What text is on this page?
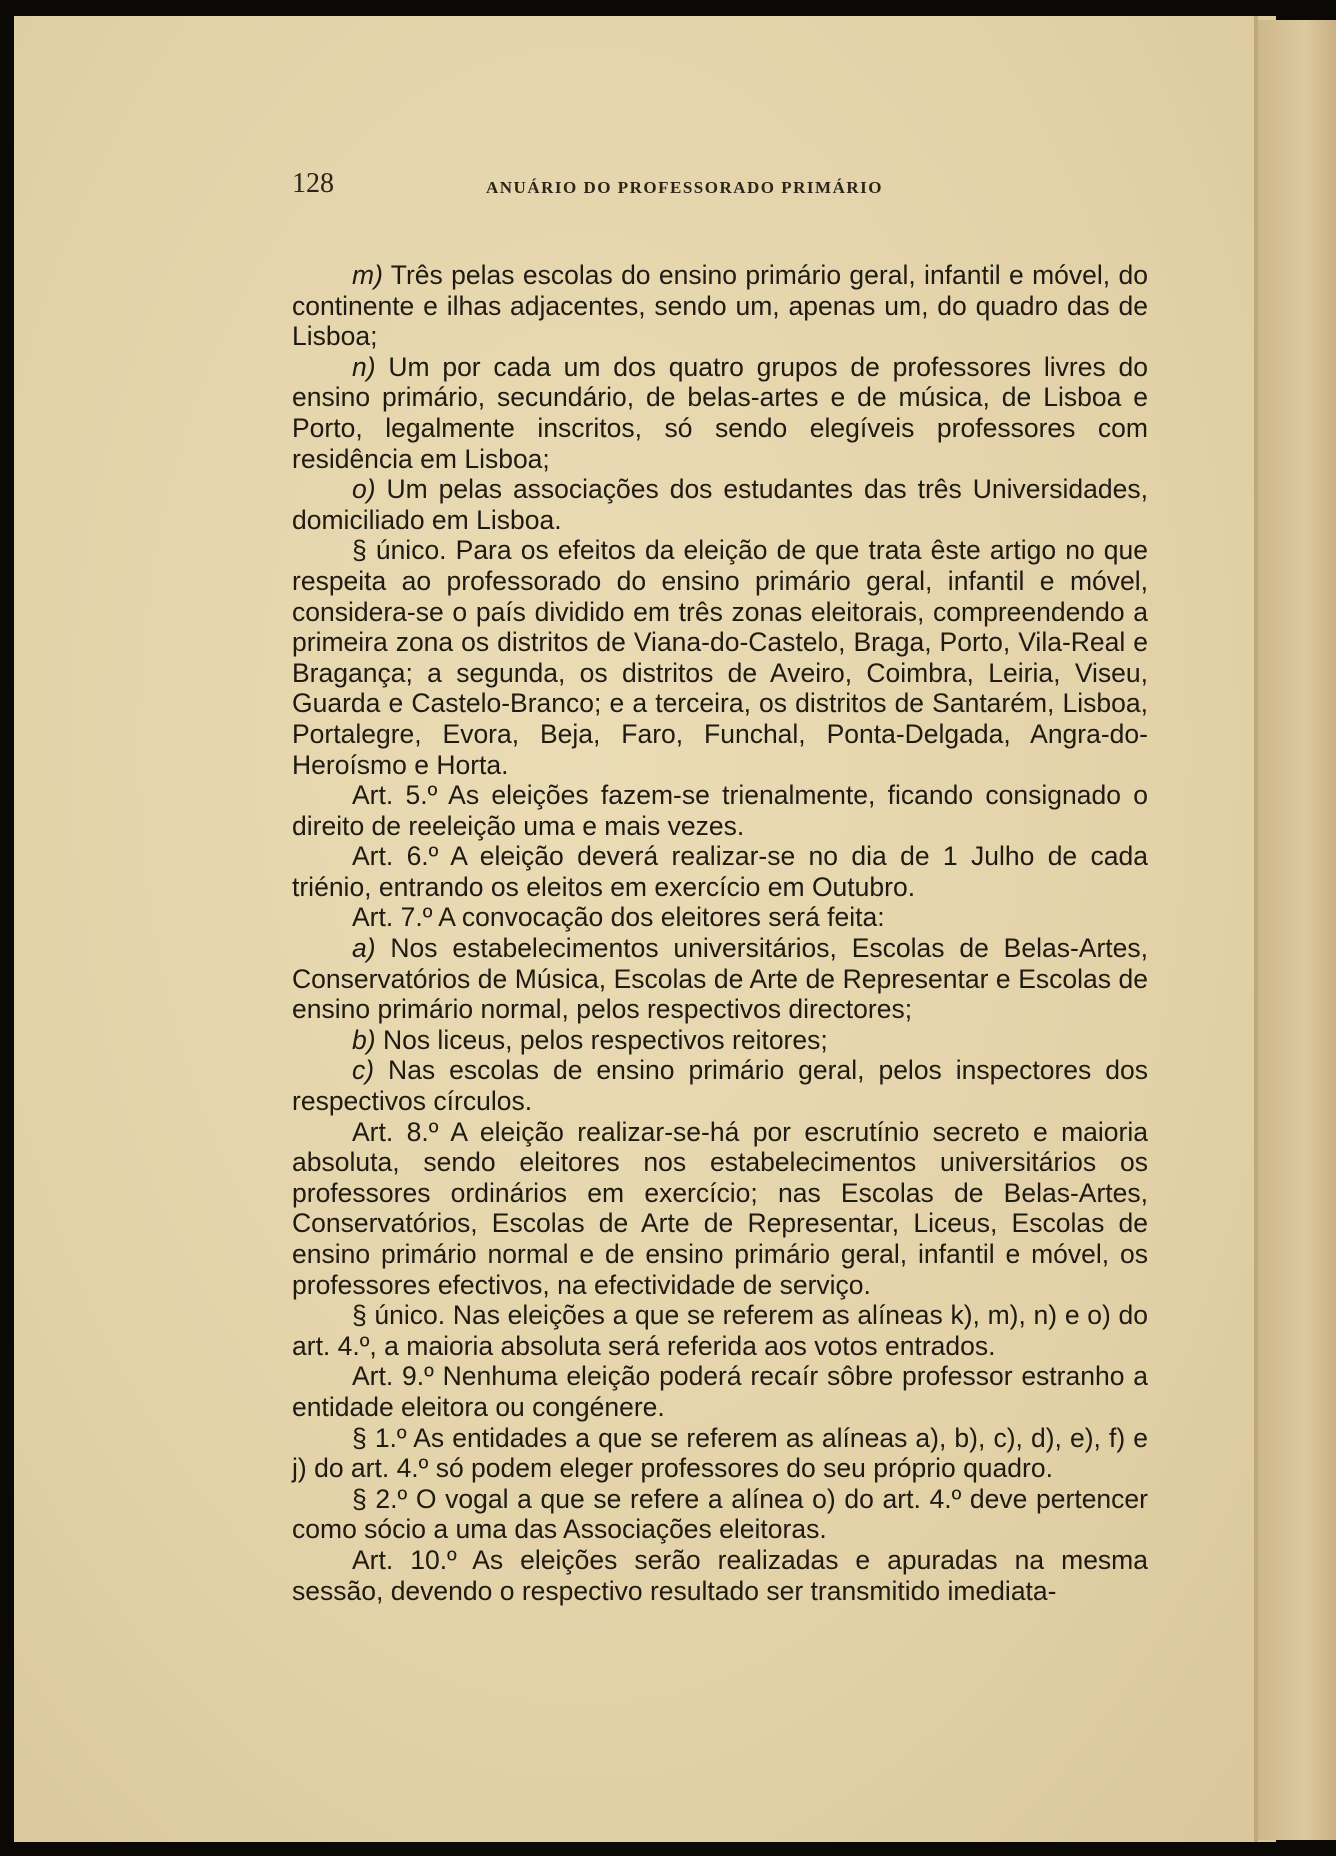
128	ANUÁRIO DO PROFESSORADO PRIMÁRIO

m) Três pelas escolas do ensino primário geral, infantil e móvel, do continente e ilhas adjacentes, sendo um, apenas um, do quadro das de Lisboa;

n) Um por cada um dos quatro grupos de professores livres do ensino primário, secundário, de belas-artes e de música, de Lisboa e Porto, legalmente inscritos, só sendo elegíveis professores com residência em Lisboa;

o) Um pelas associações dos estudantes das três Universidades, domiciliado em Lisboa.

§ único. Para os efeitos da eleição de que trata êste artigo no que respeita ao professorado do ensino primário geral, infantil e móvel, considera-se o país dividido em três zonas eleitorais, compreendendo a primeira zona os distritos de Viana-do-Castelo, Braga, Porto, Vila-Real e Bragança; a segunda, os distritos de Aveiro, Coimbra, Leiria, Viseu, Guarda e Castelo-Branco; e a terceira, os distritos de Santarém, Lisboa, Portalegre, Evora, Beja, Faro, Funchal, Ponta-Delgada, Angra-do-Heroísmo e Horta.

Art. 5.º As eleições fazem-se trienalmente, ficando consignado o direito de reeleição uma e mais vezes.

Art. 6.º A eleição deverá realizar-se no dia de 1 Julho de cada triénio, entrando os eleitos em exercício em Outubro.

Art. 7.º A convocação dos eleitores será feita:

a) Nos estabelecimentos universitários, Escolas de Belas-Artes, Conservatórios de Música, Escolas de Arte de Representar e Escolas de ensino primário normal, pelos respectivos directores;

b) Nos liceus, pelos respectivos reitores;

c) Nas escolas de ensino primário geral, pelos inspectores dos respectivos círculos.

Art. 8.º A eleição realizar-se-há por escrutínio secreto e maioria absoluta, sendo eleitores nos estabelecimentos universitários os professores ordinários em exercício; nas Escolas de Belas-Artes, Conservatórios, Escolas de Arte de Representar, Liceus, Escolas de ensino primário normal e de ensino primário geral, infantil e móvel, os professores efectivos, na efectividade de serviço.

§ único. Nas eleições a que se referem as alíneas k), m), n) e o) do art. 4.º, a maioria absoluta será referida aos votos entrados.

Art. 9.º Nenhuma eleição poderá recaír sôbre professor estranho a entidade eleitora ou congénere.

§ 1.º As entidades a que se referem as alíneas a), b), c), d), e), f) e j) do art. 4.º só podem eleger professores do seu próprio quadro.

§ 2.º O vogal a que se refere a alínea o) do art. 4.º deve pertencer como sócio a uma das Associações eleitoras.

Art. 10.º As eleições serão realizadas e apuradas na mesma sessão, devendo o respectivo resultado ser transmitido imediata-
